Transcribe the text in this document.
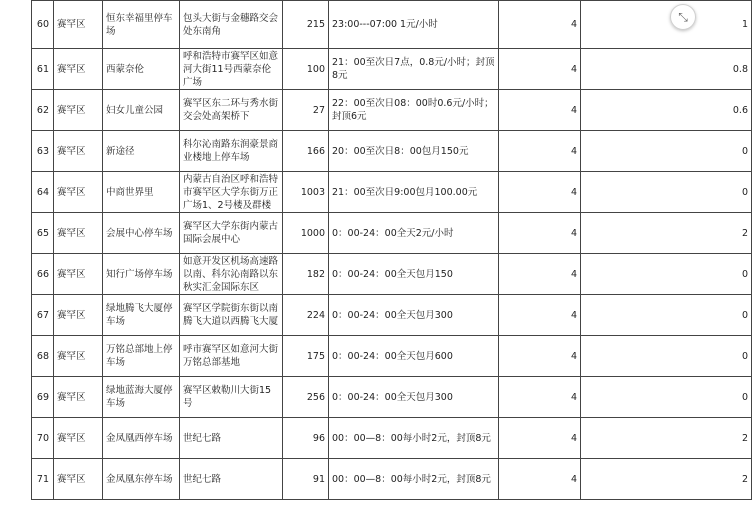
60	赛罕区	恒东幸福里停车场	包头大街与金穗路交会处东南角	215	23:00---07:00 1元/小时	4	1
61	赛罕区	西蒙奈伦	呼和浩特市赛罕区如意河大街11号西蒙奈伦广场	100	21：00至次日7点，0.8元/小时；封顶8元	4	0.8
62	赛罕区	妇女儿童公园	赛罕区东二环与秀水街交会处高架桥下	27	22：00至次日08：00时0.6元/小时；封顶6元	4	0.6
63	赛罕区	新途径	科尔沁南路东润豪景商业楼地上停车场	166	20：00至次日8：00包月150元	4	0
64	赛罕区	中商世界里	内蒙古自治区呼和浩特市赛罕区大学东街万正广场1、2号楼及群楼	1003	21：00至次日9:00包月100.00元	4	0
65	赛罕区	会展中心停车场	赛罕区大学东街内蒙古国际会展中心	1000	0：00-24：00全天2元/小时	4	2
66	赛罕区	知行广场停车场	如意开发区机场高速路以南、科尔沁南路以东秋实汇金国际东区	182	0：00-24：00全天包月150	4	0
67	赛罕区	绿地腾飞大厦停车场	赛罕区学院街东街以南腾飞大道以西腾飞大厦	224	0：00-24：00全天包月300	4	0
68	赛罕区	万铭总部地上停车场	呼市赛罕区如意河大街万铭总部基地	175	0：00-24：00全天包月600	4	0
69	赛罕区	绿地蓝海大厦停车场	赛罕区敕勒川大街15号	256	0：00-24：00全天包月300	4	0
70	赛罕区	金凤凰西停车场	世纪七路	96	00：00—8：00每小时2元，封顶8元	4	2
71	赛罕区	金凤凰东停车场	世纪七路	91	00：00—8：00每小时2元，封顶8元	4	2
⤡
